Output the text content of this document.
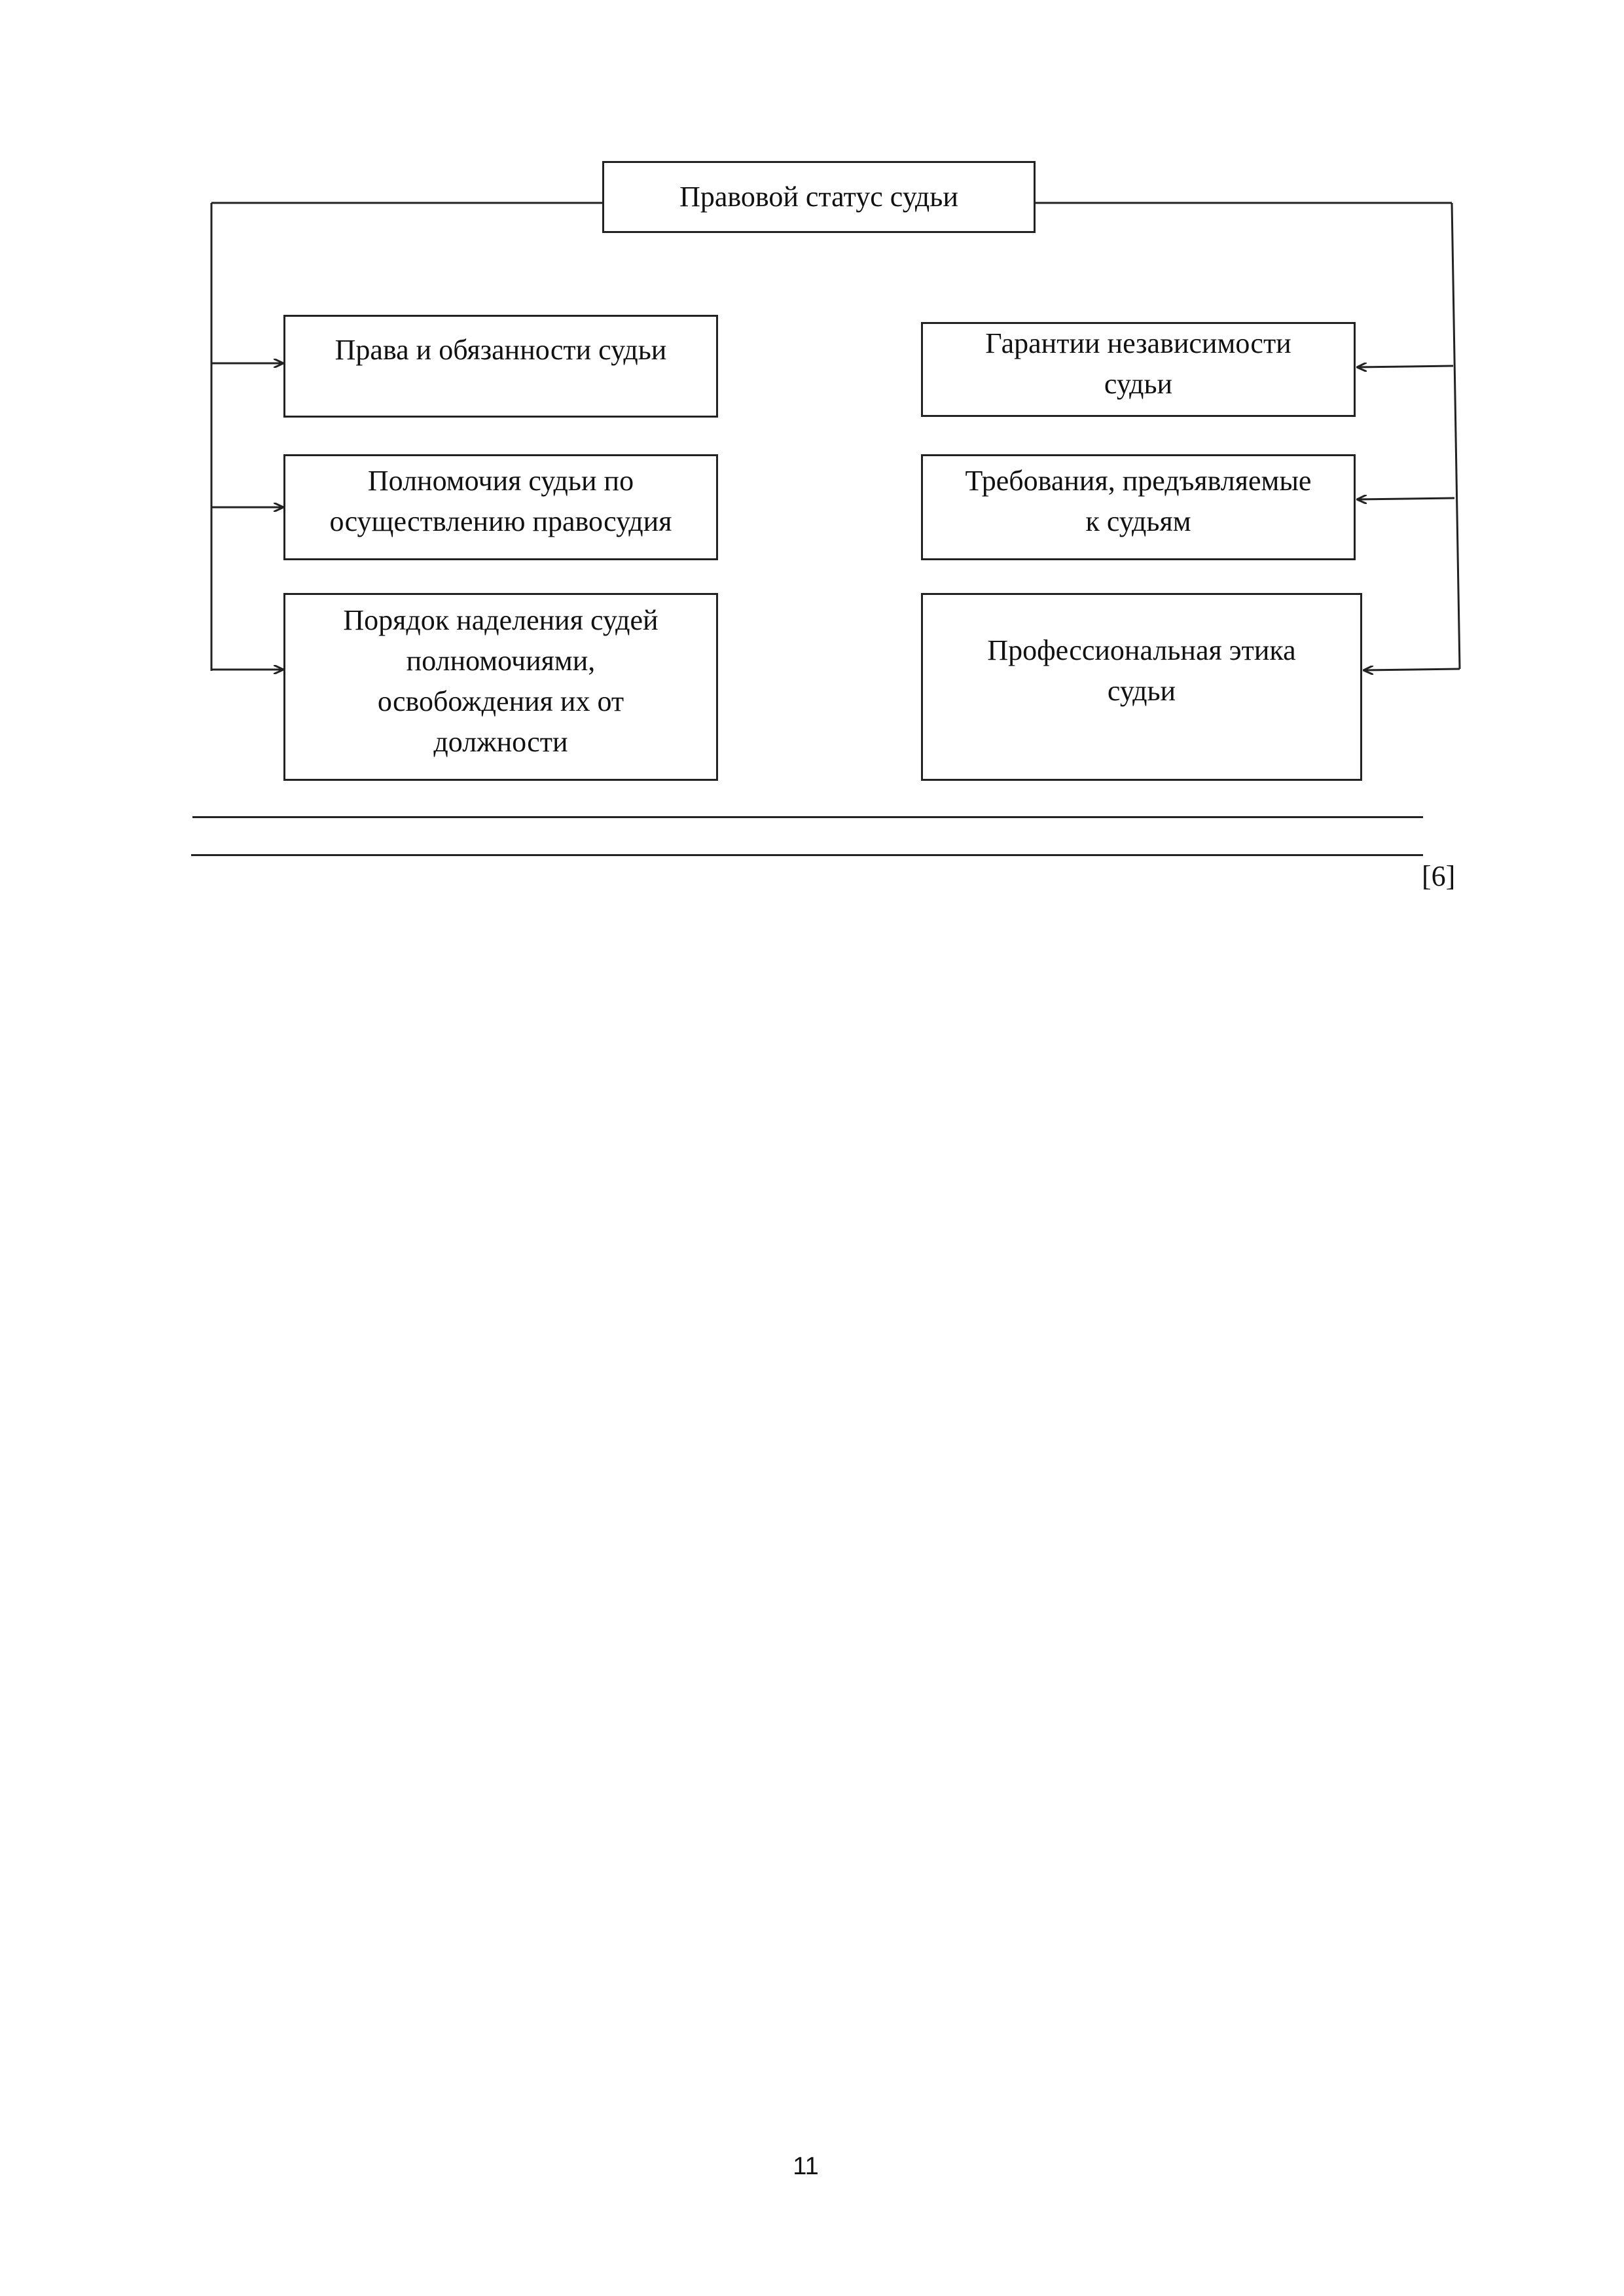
Правовой статус судьи
Права и обязанности судьи
Полномочия судьи по
осуществлению правосудия
Порядок наделения судей
полномочиями,
освобождения их от
должности
Гарантии независимости
судьи
Требования, предъявляемые
к судьям
Профессиональная этика
судьи
[6]
11
